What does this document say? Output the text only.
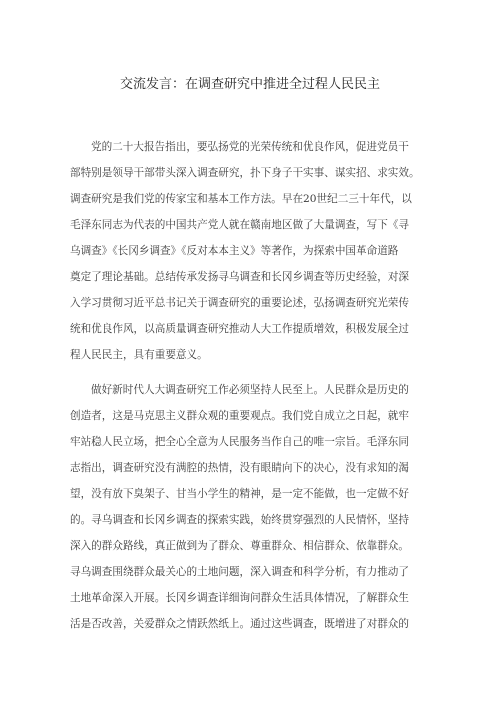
交流发言：在调查研究中推进全过程人民民主
党的二十大报告指出，要弘扬党的光荣传统和优良作风，促进党员干
部特别是领导干部带头深入调查研究，扑下身子干实事、谋实招、求实效。
调查研究是我们党的传家宝和基本工作方法。早在20世纪二三十年代，以
毛泽东同志为代表的中国共产党人就在赣南地区做了大量调查，写下《寻
乌调查》《长冈乡调查》《反对本本主义》等著作，为探索中国革命道路
奠定了理论基础。总结传承发扬寻乌调查和长冈乡调查等历史经验，对深
入学习贯彻习近平总书记关于调查研究的重要论述，弘扬调查研究光荣传
统和优良作风，以高质量调查研究推动人大工作提质增效，积极发展全过
程人民民主，具有重要意义。
做好新时代人大调查研究工作必须坚持人民至上。人民群众是历史的
创造者，这是马克思主义群众观的重要观点。我们党自成立之日起，就牢
牢站稳人民立场，把全心全意为人民服务当作自己的唯一宗旨。毛泽东同
志指出，调查研究没有满腔的热情，没有眼睛向下的决心，没有求知的渴
望，没有放下臭架子、甘当小学生的精神，是一定不能做，也一定做不好
的。寻乌调查和长冈乡调查的探索实践，始终贯穿强烈的人民情怀，坚持
深入的群众路线，真正做到为了群众、尊重群众、相信群众、依靠群众。
寻乌调查围绕群众最关心的土地问题，深入调查和科学分析，有力推动了
土地革命深入开展。长冈乡调查详细询问群众生活具体情况，了解群众生
活是否改善，关爱群众之情跃然纸上。通过这些调查，既增进了对群众的
